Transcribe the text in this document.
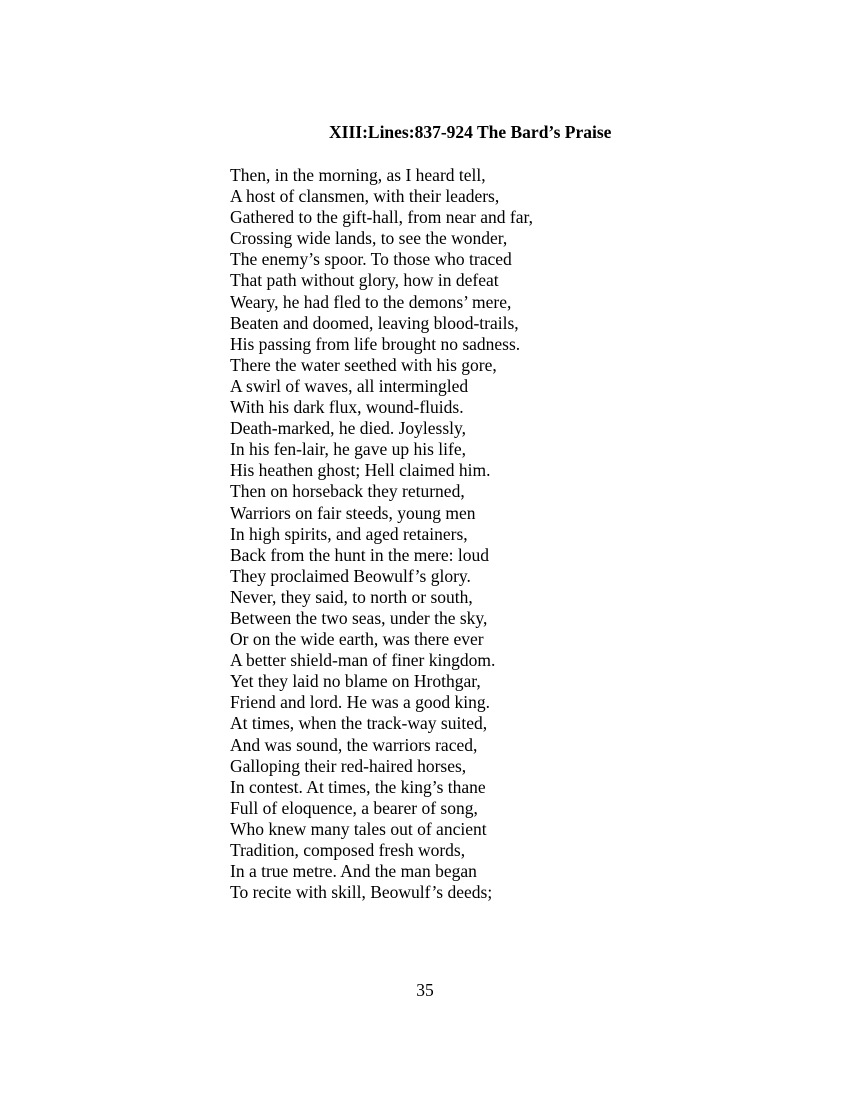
XIII:Lines:837-924 The Bard’s Praise
Then, in the morning, as I heard tell,
A host of clansmen, with their leaders,
Gathered to the gift-hall, from near and far,
Crossing wide lands, to see the wonder,
The enemy’s spoor. To those who traced
That path without glory, how in defeat
Weary, he had fled to the demons’ mere,
Beaten and doomed, leaving blood-trails,
His passing from life brought no sadness.
There the water seethed with his gore,
A swirl of waves, all intermingled
With his dark flux, wound-fluids.
Death-marked, he died. Joylessly,
In his fen-lair, he gave up his life,
His heathen ghost; Hell claimed him.
Then on horseback they returned,
Warriors on fair steeds, young men
In high spirits, and aged retainers,
Back from the hunt in the mere: loud
They proclaimed Beowulf’s glory.
Never, they said, to north or south,
Between the two seas, under the sky,
Or on the wide earth, was there ever
A better shield-man of finer kingdom.
Yet they laid no blame on Hrothgar,
Friend and lord. He was a good king.
At times, when the track-way suited,
And was sound, the warriors raced,
Galloping their red-haired horses,
In contest. At times, the king’s thane
Full of eloquence, a bearer of song,
Who knew many tales out of ancient
Tradition, composed fresh words,
In a true metre. And the man began
To recite with skill, Beowulf’s deeds;
35
